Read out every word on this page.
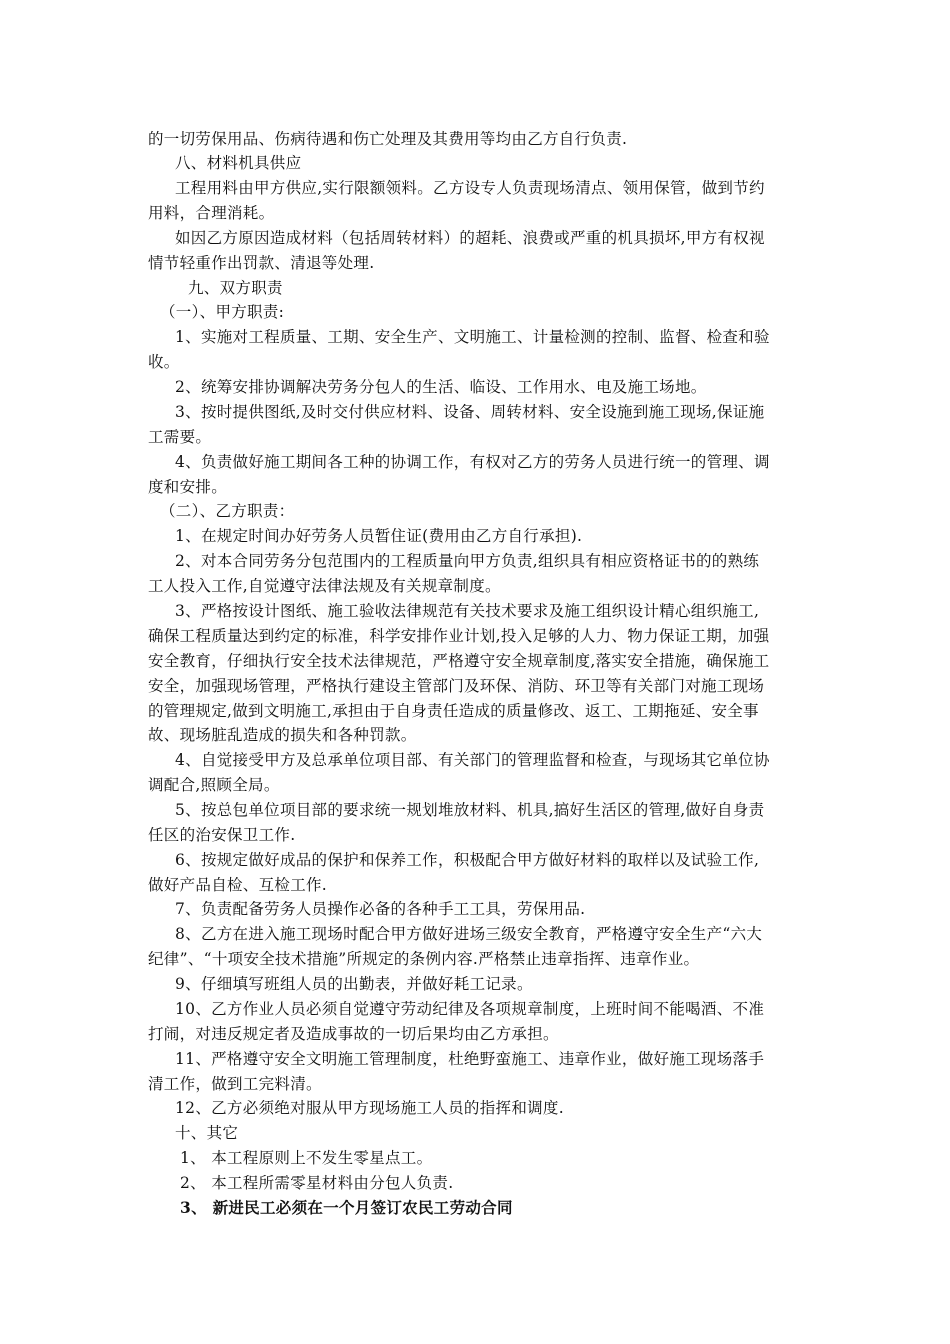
的一切劳保用品、伤病待遇和伤亡处理及其费用等均由乙方自行负责.
八、材料机具供应
工程用料由甲方供应,实行限额领料。乙方设专人负责现场清点、领用保管，做到节约
用料，合理消耗。
如因乙方原因造成材料（包括周转材料）的超耗、浪费或严重的机具损坏,甲方有权视
情节轻重作出罚款、清退等处理.
九、双方职责
（一）、甲方职责:
1、实施对工程质量、工期、安全生产、文明施工、计量检测的控制、监督、检查和验
收。
2、统筹安排协调解决劳务分包人的生活、临设、工作用水、电及施工场地。
3、按时提供图纸,及时交付供应材料、设备、周转材料、安全设施到施工现场,保证施
工需要。
4、负责做好施工期间各工种的协调工作，有权对乙方的劳务人员进行统一的管理、调
度和安排。
（二）、乙方职责：
1、在规定时间办好劳务人员暂住证(费用由乙方自行承担).
2、对本合同劳务分包范围内的工程质量向甲方负责,组织具有相应资格证书的的熟练
工人投入工作,自觉遵守法律法规及有关规章制度。
3、严格按设计图纸、施工验收法律规范有关技术要求及施工组织设计精心组织施工,
确保工程质量达到约定的标准，科学安排作业计划,投入足够的人力、物力保证工期，加强
安全教育，仔细执行安全技术法律规范，严格遵守安全规章制度,落实安全措施，确保施工
安全，加强现场管理，严格执行建设主管部门及环保、消防、环卫等有关部门对施工现场
的管理规定,做到文明施工,承担由于自身责任造成的质量修改、返工、工期拖延、安全事
故、现场脏乱造成的损失和各种罚款。
4、自觉接受甲方及总承单位项目部、有关部门的管理监督和检查，与现场其它单位协
调配合,照顾全局。
5、按总包单位项目部的要求统一规划堆放材料、机具,搞好生活区的管理,做好自身责
任区的治安保卫工作.
6、按规定做好成品的保护和保养工作，积极配合甲方做好材料的取样以及试验工作,
做好产品自检、互检工作.
7、负责配备劳务人员操作必备的各种手工工具，劳保用品.
8、乙方在进入施工现场时配合甲方做好进场三级安全教育，严格遵守安全生产“六大
纪律”、“十项安全技术措施”所规定的条例内容.严格禁止违章指挥、违章作业。
9、仔细填写班组人员的出勤表，并做好耗工记录。
10、乙方作业人员必须自觉遵守劳动纪律及各项规章制度，上班时间不能喝酒、不准
打闹，对违反规定者及造成事故的一切后果均由乙方承担。
11、严格遵守安全文明施工管理制度，杜绝野蛮施工、违章作业，做好施工现场落手
清工作，做到工完料清。
12、乙方必须绝对服从甲方现场施工人员的指挥和调度.
十、其它
1、 本工程原则上不发生零星点工。
2、 本工程所需零星材料由分包人负责.
3、 新进民工必须在一个月签订农民工劳动合同
